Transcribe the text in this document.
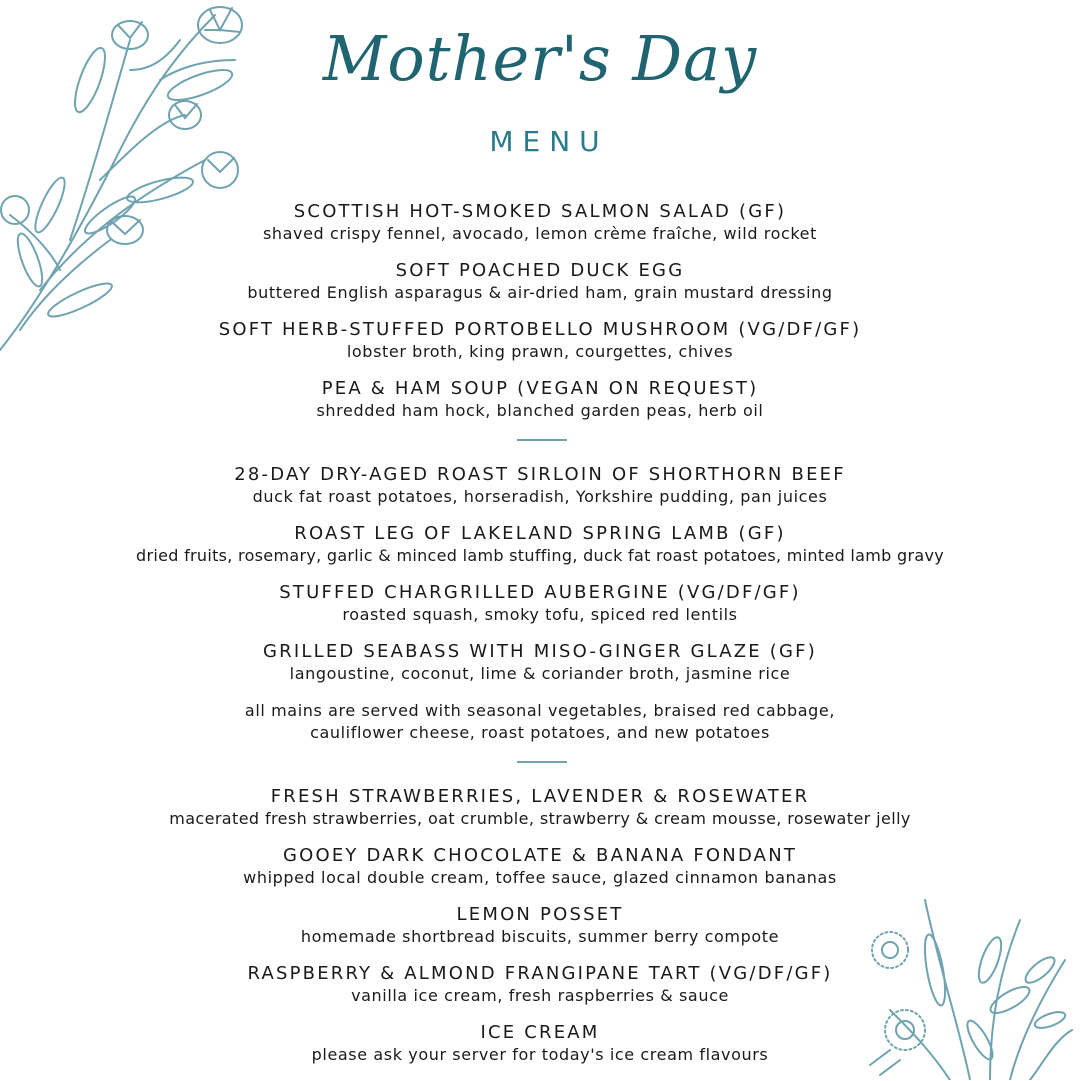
Mother's Day
MENU
SCOTTISH HOT-SMOKED SALMON SALAD (GF)
shaved crispy fennel, avocado, lemon crème fraîche, wild rocket
SOFT POACHED DUCK EGG
buttered English asparagus & air-dried ham, grain mustard dressing
SOFT HERB-STUFFED PORTOBELLO MUSHROOM (VG/DF/GF)
lobster broth, king prawn, courgettes, chives
PEA & HAM SOUP (VEGAN ON REQUEST)
shredded ham hock, blanched garden peas, herb oil
28-DAY DRY-AGED ROAST SIRLOIN OF SHORTHORN BEEF
duck fat roast potatoes, horseradish, Yorkshire pudding, pan juices
ROAST LEG OF LAKELAND SPRING LAMB (GF)
dried fruits, rosemary, garlic & minced lamb stuffing, duck fat roast potatoes, minted lamb gravy
STUFFED CHARGRILLED AUBERGINE (VG/DF/GF)
roasted squash, smoky tofu, spiced red lentils
GRILLED SEABASS WITH MISO-GINGER GLAZE (GF)
langoustine, coconut, lime & coriander broth, jasmine rice
all mains are served with seasonal vegetables, braised red cabbage,
cauliflower cheese, roast potatoes, and new potatoes
FRESH STRAWBERRIES, LAVENDER & ROSEWATER
macerated fresh strawberries, oat crumble, strawberry & cream mousse, rosewater jelly
GOOEY DARK CHOCOLATE & BANANA FONDANT
whipped local double cream, toffee sauce, glazed cinnamon bananas
LEMON POSSET
homemade shortbread biscuits, summer berry compote
RASPBERRY & ALMOND FRANGIPANE TART (VG/DF/GF)
vanilla ice cream, fresh raspberries & sauce
ICE CREAM
please ask your server for today's ice cream flavours
